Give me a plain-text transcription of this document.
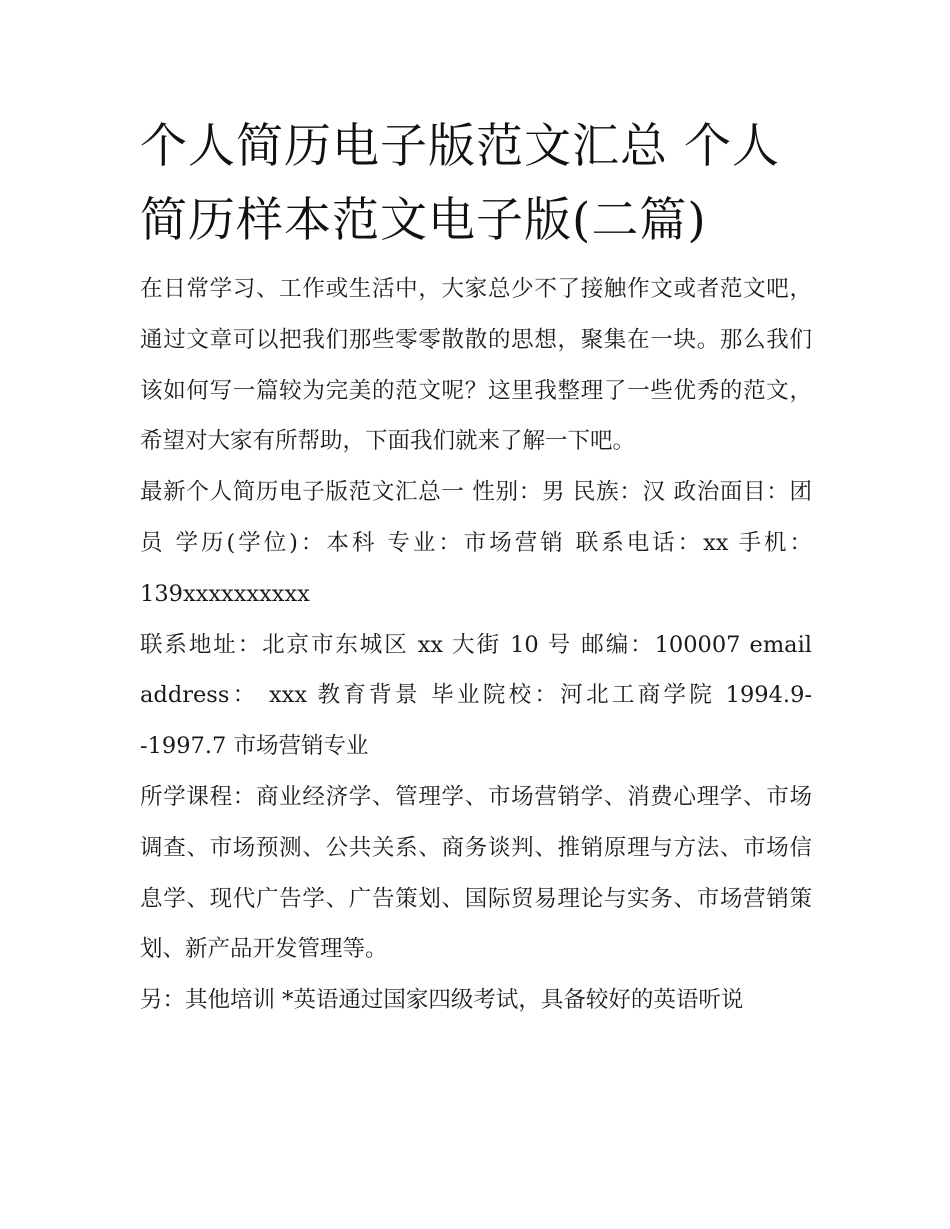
个人简历电子版范文汇总 个人简历样本范文电子版(二篇)

在日常学习、工作或生活中，大家总少不了接触作文或者范文吧，通过文章可以把我们那些零零散散的思想，聚集在一块。那么我们该如何写一篇较为完美的范文呢？这里我整理了一些优秀的范文，希望对大家有所帮助，下面我们就来了解一下吧。

最新个人简历电子版范文汇总一 性别：男 民族：汉 政治面目：团员 学历(学位)：本科 专业：市场营销 联系电话：xx 手机：139xxxxxxxxxx

联系地址：北京市东城区 xx 大街 10 号 邮编：100007 email address： xxx 教育背景 毕业院校：河北工商学院 1994.9--1997.7 市场营销专业

所学课程：商业经济学、管理学、市场营销学、消费心理学、市场调查、市场预测、公共关系、商务谈判、推销原理与方法、市场信息学、现代广告学、广告策划、国际贸易理论与实务、市场营销策划、新产品开发管理等。

另：其他培训 *英语通过国家四级考试，具备较好的英语听说
